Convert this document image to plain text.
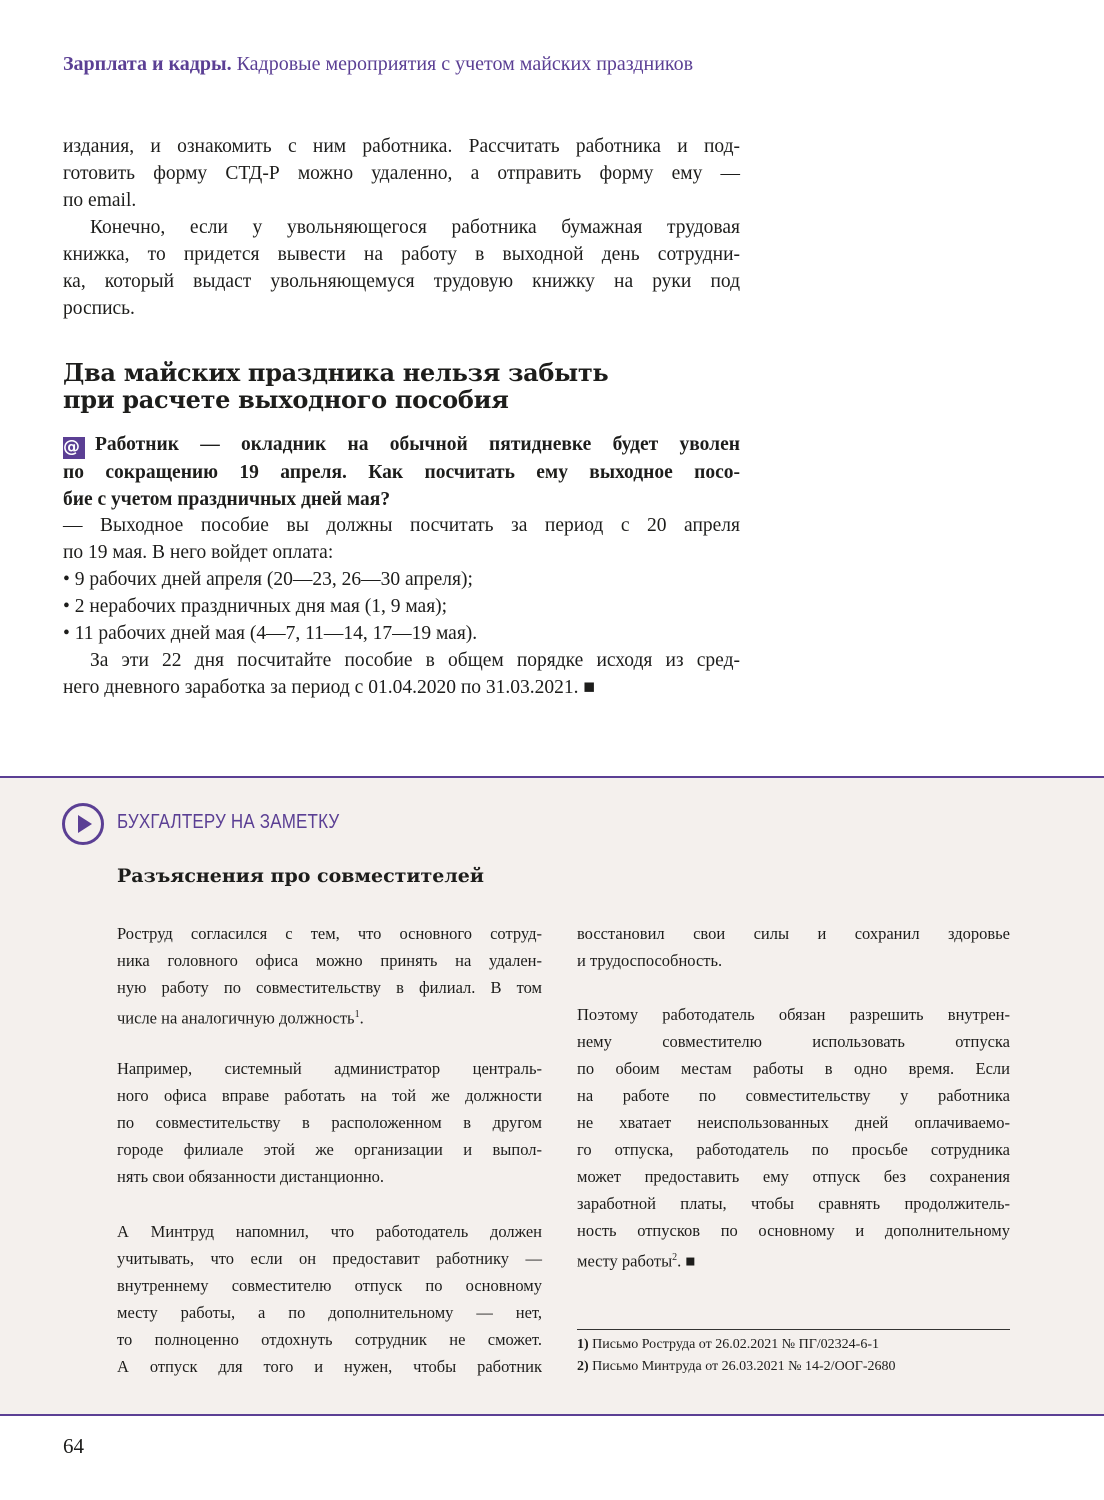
Зарплата и кадры. Кадровые мероприятия с учетом майских праздников
издания, и ознакомить с ним работника. Рассчитать работника и под-
готовить форму СТД-Р можно удаленно, а отправить форму ему —
по email.
Конечно, если у увольняющегося работника бумажная трудовая
книжка, то придется вывести на работу в выходной день сотрудни-
ка, который выдаст увольняющемуся трудовую книжку на руки под
роспись.
Два майских праздника нельзя забыть
при расчете выходного пособия
@ Работник — окладник на обычной пятидневке будет уволен
по сокращению 19 апреля. Как посчитать ему выходное посо-
бие с учетом праздничных дней мая?
— Выходное пособие вы должны посчитать за период с 20 апреля
по 19 мая. В него войдет оплата:
• 9 рабочих дней апреля (20—23, 26—30 апреля);
• 2 нерабочих праздничных дня мая (1, 9 мая);
• 11 рабочих дней мая (4—7, 11—14, 17—19 мая).
За эти 22 дня посчитайте пособие в общем порядке исходя из сред-
него дневного заработка за период с 01.04.2020 по 31.03.2021. ■
БУХГАЛТЕРУ НА ЗАМЕТКУ
Разъяснения про совместителей
Роструд согласился с тем, что основного сотруд-
ника головного офиса можно принять на удален-
ную работу по совместительству в филиал. В том
числе на аналогичную должность$^1$.
Например, системный администратор централь-
ного офиса вправе работать на той же должности
по совместительству в расположенном в другом
городе филиале этой же организации и выпол-
нять свои обязанности дистанционно.
А Минтруд напомнил, что работодатель должен
учитывать, что если он предоставит работнику —
внутреннему совместителю отпуск по основному
месту работы, а по дополнительному — нет,
то полноценно отдохнуть сотрудник не сможет.
А отпуск для того и нужен, чтобы работник
восстановил свои силы и сохранил здоровье
и трудоспособность.
Поэтому работодатель обязан разрешить внутрен-
нему совместителю использовать отпуска
по обоим местам работы в одно время. Если
на работе по совместительству у работника
не хватает неиспользованных дней оплачиваемо-
го отпуска, работодатель по просьбе сотрудника
может предоставить ему отпуск без сохранения
заработной платы, чтобы сравнять продолжитель-
ность отпусков по основному и дополнительному
месту работы$^2$. ■
1) Письмо Роструда от 26.02.2021 № ПГ/02324-6-1
2) Письмо Минтруда от 26.03.2021 № 14-2/ООГ-2680
64
